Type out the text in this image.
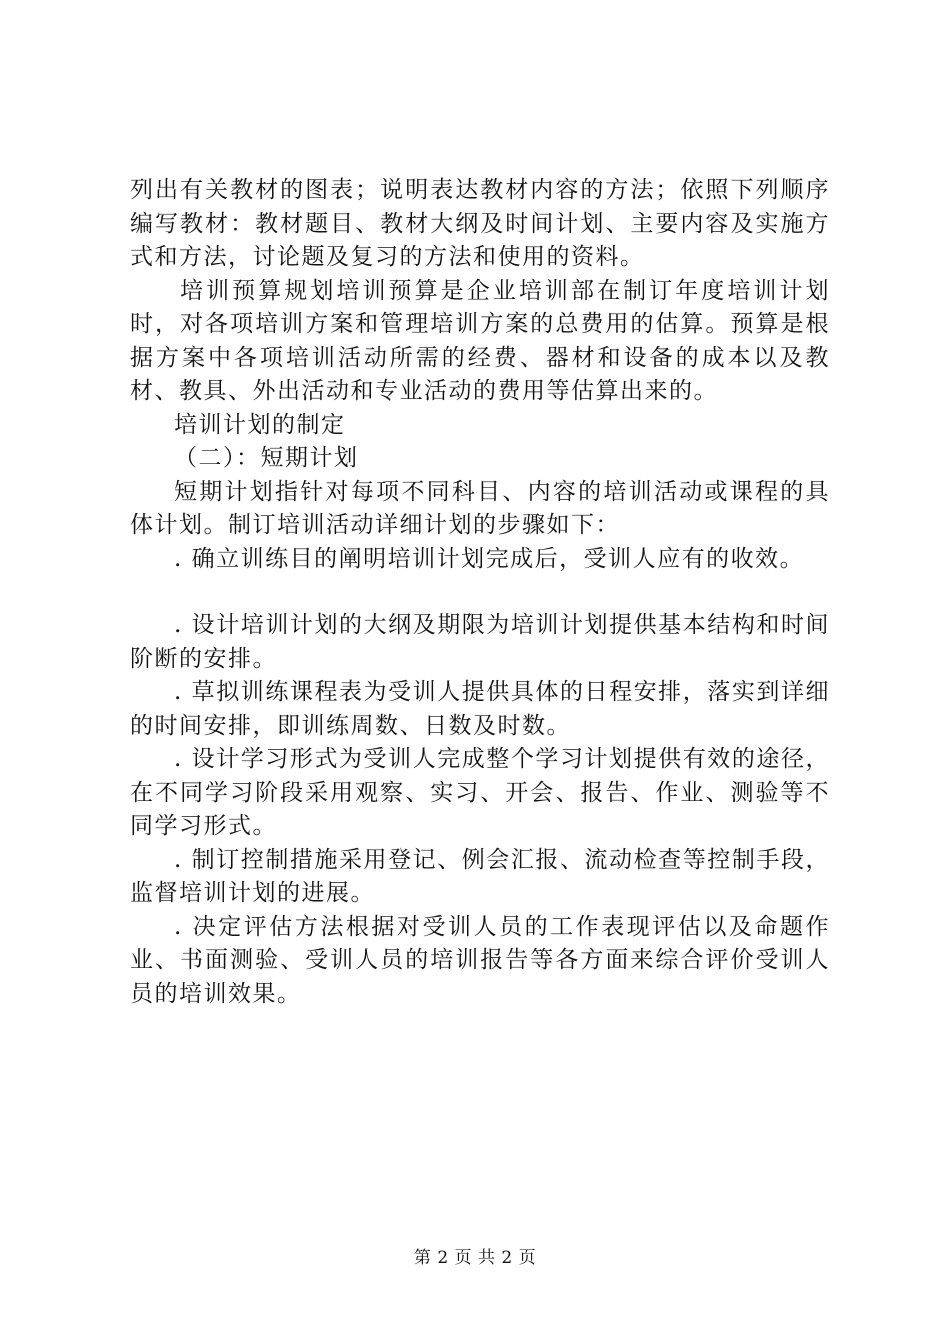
列出有关教材的图表；说明表达教材内容的方法；依照下列顺序编写教材：教材题目、教材大纲及时间计划、主要内容及实施方式和方法，讨论题及复习的方法和使用的资料。

培训预算规划培训预算是企业培训部在制订年度培训计划时，对各项培训方案和管理培训方案的总费用的估算。预算是根据方案中各项培训活动所需的经费、器材和设备的成本以及教材、教具、外出活动和专业活动的费用等估算出来的。

培训计划的制定

（二）：短期计划

短期计划指针对每项不同科目、内容的培训活动或课程的具体计划。制订培训活动详细计划的步骤如下：

. 确立训练目的阐明培训计划完成后，受训人应有的收效。

. 设计培训计划的大纲及期限为培训计划提供基本结构和时间阶断的安排。

. 草拟训练课程表为受训人提供具体的日程安排，落实到详细的时间安排，即训练周数、日数及时数。

. 设计学习形式为受训人完成整个学习计划提供有效的途径，在不同学习阶段采用观察、实习、开会、报告、作业、测验等不同学习形式。

. 制订控制措施采用登记、例会汇报、流动检查等控制手段，监督培训计划的进展。

. 决定评估方法根据对受训人员的工作表现评估以及命题作业、书面测验、受训人员的培训报告等各方面来综合评价受训人员的培训效果。

第 2 页 共 2 页
